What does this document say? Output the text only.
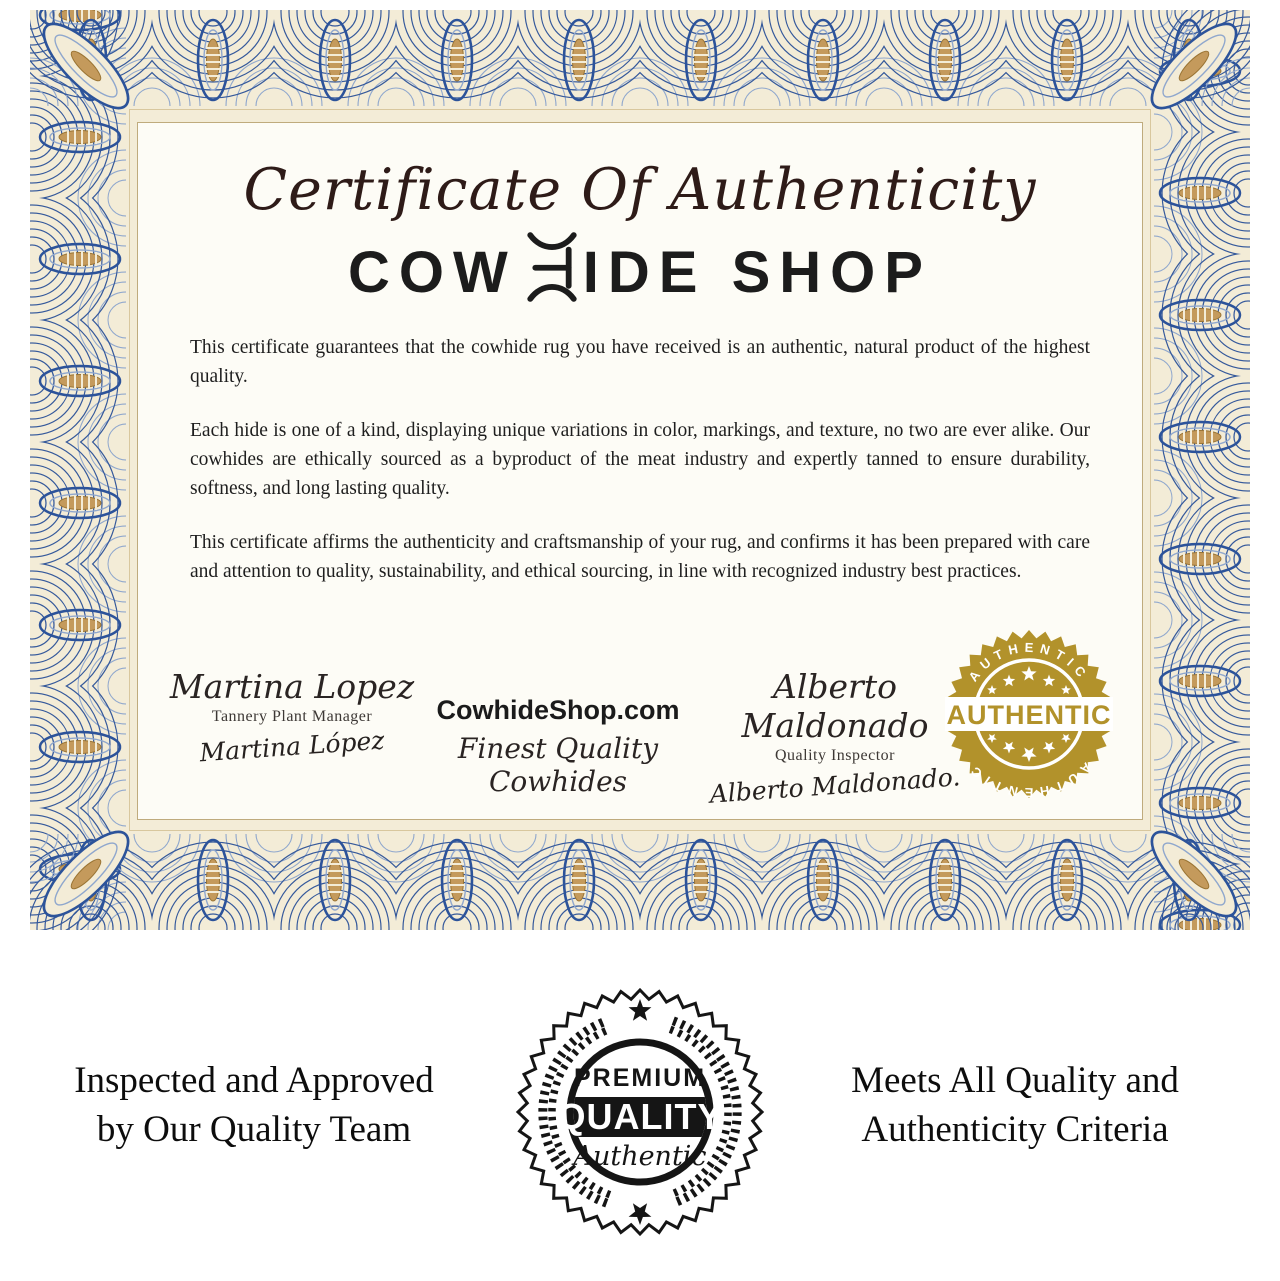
Certificate Of Authenticity
COW IDE SHOP

This certificate guarantees that the cowhide rug you have received is an authentic, natural product of the highest quality.

Each hide is one of a kind, displaying unique variations in color, markings, and texture, no two are ever alike. Our cowhides are ethically sourced as a byproduct of the meat industry and expertly tanned to ensure durability, softness, and long lasting quality.

This certificate affirms the authenticity and craftsmanship of your rug, and confirms it has been prepared with care and attention to quality, sustainability, and ethical sourcing, in line with recognized industry best practices.

Martina Lopez
Tannery Plant Manager
Martina López
CowhideShop.com
Finest Quality Cowhides
Alberto Maldonado
Quality Inspector
Alberto Maldonado.
AUTHENTIC
AUTHENTIC
AUTHENTIC
Inspected and Approved
by Our Quality Team
PREMIUM
QUALITY
Authentic
Meets All Quality and
Authenticity Criteria
